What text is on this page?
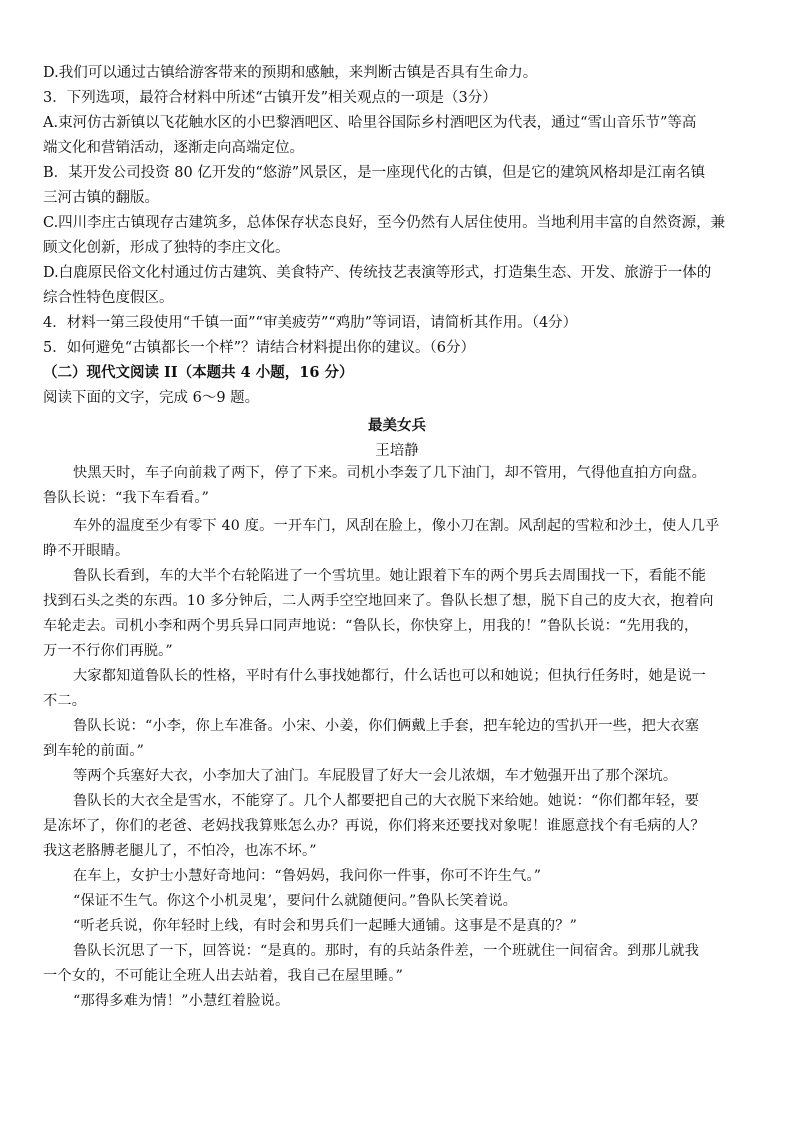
D.我们可以通过古镇给游客带来的预期和感触，来判断古镇是否具有生命力。
3．下列选项，最符合材料中所述“古镇开发”相关观点的一项是（3分）
A.束河仿古新镇以飞花触水区的小巴黎酒吧区、哈里谷国际乡村酒吧区为代表，通过“雪山音乐节”等高
端文化和营销活动，逐渐走向高端定位。
B．某开发公司投资 80 亿开发的“悠游”风景区，是一座现代化的古镇，但是它的建筑风格却是江南名镇
三河古镇的翻版。
C.四川李庄古镇现存古建筑多，总体保存状态良好，至今仍然有人居住使用。当地利用丰富的自然资源，兼
顾文化创新，形成了独特的李庄文化。
D.白鹿原民俗文化村通过仿古建筑、美食特产、传统技艺表演等形式，打造集生态、开发、旅游于一体的
综合性特色度假区。
4．材料一第三段使用“千镇一面”“审美疲劳”“鸡肋”等词语，请简析其作用。（4分）
5．如何避免“古镇都长一个样”？请结合材料提出你的建议。（6分）
（二）现代文阅读 II（本题共 4 小题，16 分）
阅读下面的文字，完成 6～9 题。
最美女兵
王培静
快黑天时，车子向前栽了两下，停了下来。司机小李轰了几下油门，却不管用，气得他直拍方向盘。
鲁队长说：“我下车看看。”
车外的温度至少有零下 40 度。一开车门，风刮在脸上，像小刀在割。风刮起的雪粒和沙土，使人几乎
睁不开眼睛。
鲁队长看到，车的大半个右轮陷进了一个雪坑里。她让跟着下车的两个男兵去周围找一下，看能不能
找到石头之类的东西。10 多分钟后，二人两手空空地回来了。鲁队长想了想，脱下自己的皮大衣，抱着向
车轮走去。司机小李和两个男兵异口同声地说：“鲁队长，你快穿上，用我的！”鲁队长说：“先用我的，
万一不行你们再脱。”
大家都知道鲁队长的性格，平时有什么事找她都行，什么话也可以和她说；但执行任务时，她是说一
不二。
鲁队长说：“小李，你上车准备。小宋、小姜，你们俩戴上手套，把车轮边的雪扒开一些，把大衣塞
到车轮的前面。”
等两个兵塞好大衣，小李加大了油门。车屁股冒了好大一会儿浓烟，车才勉强开出了那个深坑。
鲁队长的大衣全是雪水，不能穿了。几个人都要把自己的大衣脱下来给她。她说：“你们都年轻，要
是冻坏了，你们的老爸、老妈找我算账怎么办？再说，你们将来还要找对象呢！谁愿意找个有毛病的人？
我这老胳膊老腿儿了，不怕冷，也冻不坏。”
在车上，女护士小慧好奇地问：“鲁妈妈，我问你一件事，你可不许生气。”
“保证不生气。你这个小机灵鬼’，要问什么就随便问。”鲁队长笑着说。
“听老兵说，你年轻时上线，有时会和男兵们一起睡大通铺。这事是不是真的？”
鲁队长沉思了一下，回答说：“是真的。那时，有的兵站条件差，一个班就住一间宿舍。到那儿就我
一个女的，不可能让全班人出去站着，我自己在屋里睡。”
“那得多难为情！”小慧红着脸说。
